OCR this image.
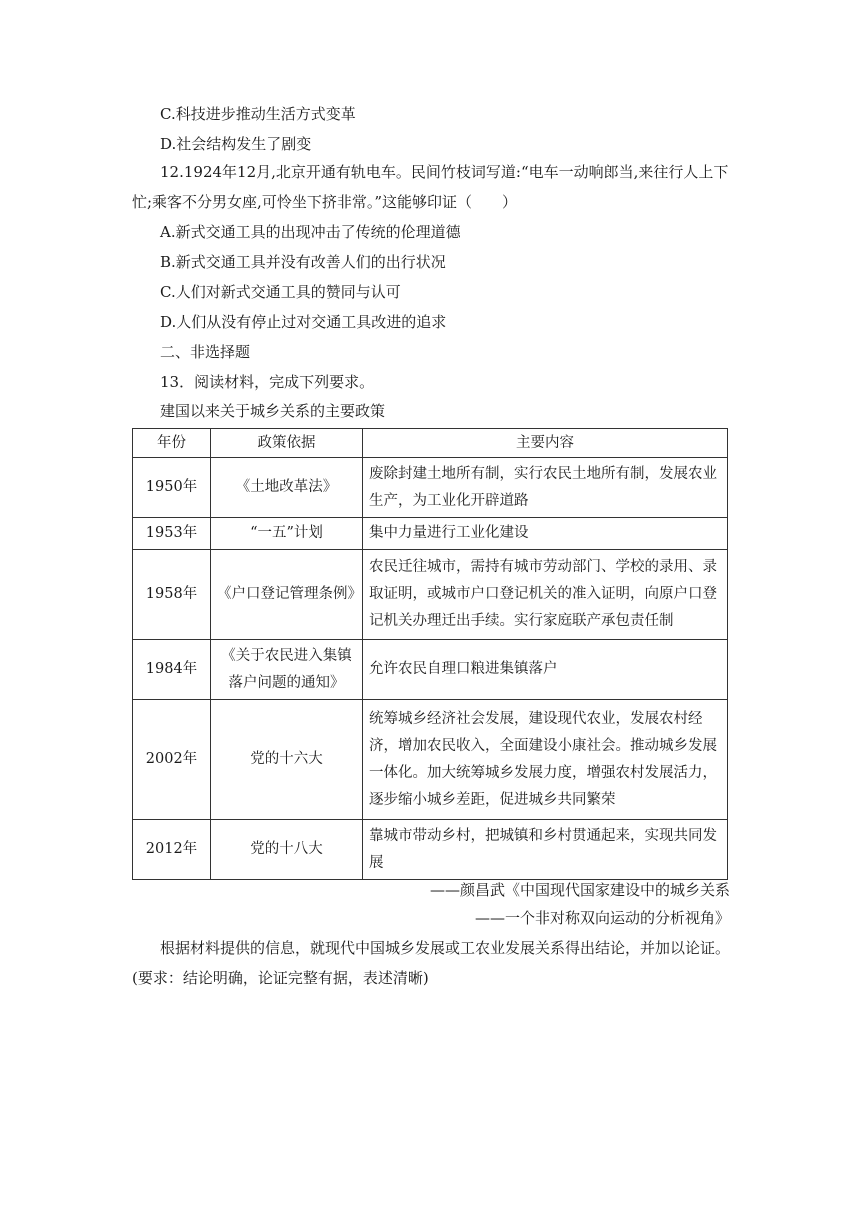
C.科技进步推动生活方式变革
D.社会结构发生了剧变
12.1924年12月,北京开通有轨电车。民间竹枝词写道:“电车一动响郎当,来往行人上下忙;乘客不分男女座,可怜坐下挤非常。”这能够印证（　　）
A.新式交通工具的出现冲击了传统的伦理道德
B.新式交通工具并没有改善人们的出行状况
C.人们对新式交通工具的赞同与认可
D.人们从没有停止过对交通工具改进的追求
二、非选择题
13．阅读材料，完成下列要求。
建国以来关于城乡关系的主要政策
年份	政策依据	主要内容
1950年	《土地改革法》	废除封建土地所有制，实行农民土地所有制，发展农业生产，为工业化开辟道路
1953年	“一五”计划	集中力量进行工业化建设
1958年	《户口登记管理条例》	农民迁往城市，需持有城市劳动部门、学校的录用、录取证明，或城市户口登记机关的准入证明，向原户口登记机关办理迁出手续。实行家庭联产承包责任制
1984年	《关于农民进入集镇落户问题的通知》	允许农民自理口粮进集镇落户
2002年	党的十六大	统筹城乡经济社会发展，建设现代农业，发展农村经济，增加农民收入，全面建设小康社会。推动城乡发展一体化。加大统筹城乡发展力度，增强农村发展活力，逐步缩小城乡差距，促进城乡共同繁荣
2012年	党的十八大	靠城市带动乡村，把城镇和乡村贯通起来，实现共同发展
——颜昌武《中国现代国家建设中的城乡关系
——一个非对称双向运动的分析视角》
根据材料提供的信息，就现代中国城乡发展或工农业发展关系得出结论，并加以论证。(要求：结论明确，论证完整有据，表述清晰)
